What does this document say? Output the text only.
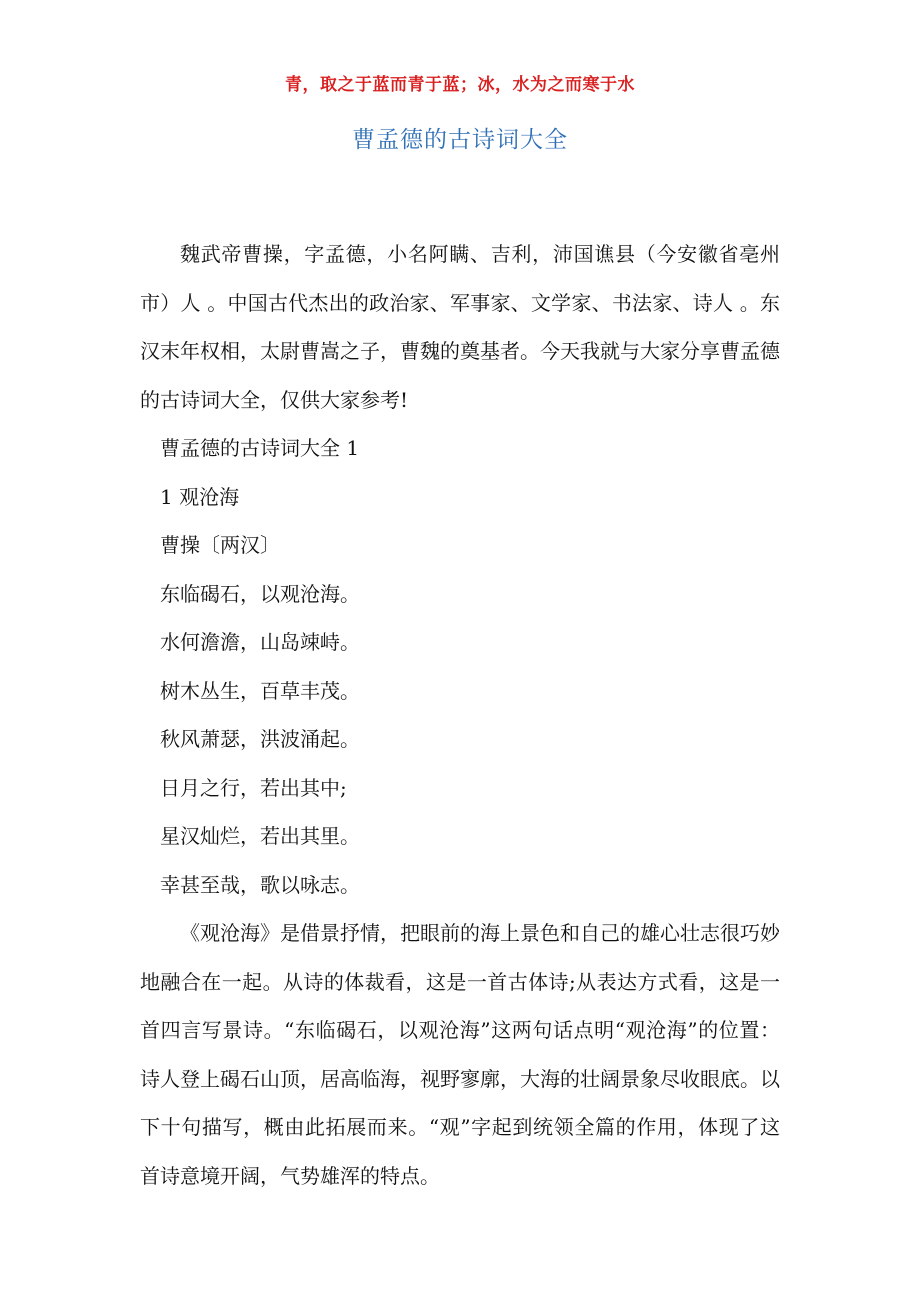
青，取之于蓝而青于蓝；冰，水为之而寒于水
曹孟德的古诗词大全

魏武帝曹操，字孟德，小名阿瞒、吉利，沛国谯县（今安徽省亳州市）人 。中国古代杰出的政治家、军事家、文学家、书法家、诗人 。东汉末年权相，太尉曹嵩之子，曹魏的奠基者。今天我就与大家分享曹孟德的古诗词大全，仅供大家参考!

曹孟德的古诗词大全 1

1 观沧海

曹操〔两汉〕

东临碣石，以观沧海。

水何澹澹，山岛竦峙。

树木丛生，百草丰茂。

秋风萧瑟，洪波涌起。

日月之行，若出其中;

星汉灿烂，若出其里。

幸甚至哉，歌以咏志。

《观沧海》是借景抒情，把眼前的海上景色和自己的雄心壮志很巧妙地融合在一起。从诗的体裁看，这是一首古体诗;从表达方式看，这是一首四言写景诗。“东临碣石，以观沧海”这两句话点明“观沧海”的位置：诗人登上碣石山顶，居高临海，视野寥廓，大海的壮阔景象尽收眼底。以下十句描写，概由此拓展而来。“观”字起到统领全篇的作用，体现了这首诗意境开阔，气势雄浑的特点。
